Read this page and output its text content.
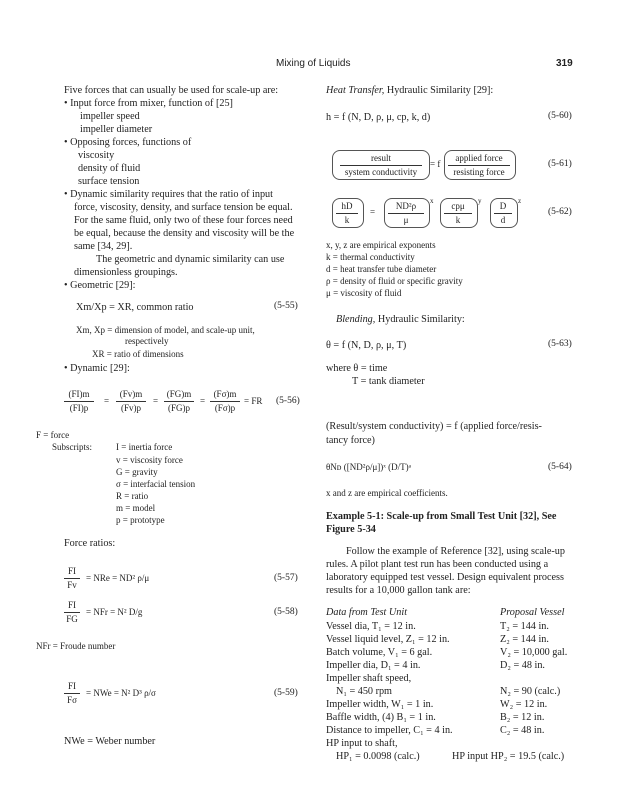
Mixing of Liquids	319
Five forces that can usually be used for scale-up are:
• Input force from mixer, function of [25]
impeller speed
impeller diameter
• Opposing forces, functions of
viscosity
density of fluid
surface tension
• Dynamic similarity requires that the ratio of input
force, viscosity, density, and surface tension be equal.
For the same fluid, only two of these four forces need
be equal, because the density and viscosity will be the
same [34, 29].
The geometric and dynamic similarity can use
dimensionless groupings.
• Geometric [29]:
Xm/Xp = XR, common ratio	(5-55)
Xm, Xp = dimension of model, and scale-up unit,
respectively
XR = ratio of dimensions
• Dynamic [29]:
$\frac{(FI)m}{(FI)p} = \frac{(Fv)m}{(Fv)p} = \frac{(FG)m}{(FG)p} = \frac{(F\sigma)m}{(F\sigma)p}$ = FR (5-56)
F = force
Subscripts:	I = inertia force
v = viscosity force
G = gravity
σ = interfacial tension
R = ratio
m = model
p = prototype
Force ratios:
$\frac{FI}{Fv}$ = NRe = ND² ρ/μ	(5-57)
$\frac{FI}{FG}$ = NFr = N² D/g	(5-58)
NFr = Froude number
$\frac{FI}{F\sigma}$ = NWe = N² D³ ρ/σ	(5-59)
NWe = Weber number
Heat Transfer, Hydraulic Similarity [29]:
h = f (N, D, ρ, μ, cp, k, d)	(5-60)
result
system conductivity
= f
applied force
resisting force
(5-61)
$\frac{hD}{k} = \frac{\text{ND²ρ}}{\mu}$ x	cpμ
k
y $\frac{D}{d}$ z
(5-62)
x, y, z are empirical exponents
k = thermal conductivity
d = heat transfer tube diameter
ρ = density of fluid or specific gravity
μ = viscosity of fluid
Blending, Hydraulic Similarity:
θ = f (N, D, ρ, μ, T)	(5-63)
where θ = time
T = tank diameter
(Result/system conductivity) = f (applied force/resis-
tancy force)
θNᴅ ([ND²ρ/μ])ˣ (D/T)ᵃ	(5-64)
x and z are empirical coefficients.
Example 5-1: Scale-up from Small Test Unit [32], See
Figure 5-34
Follow the example of Reference [32], using scale-up
rules. A pilot plant test run has been conducted using a
laboratory equipped test vessel. Design equivalent process
results for a 10,000 gallon tank are:
Data from Test Unit	Proposal Vessel
Vessel dia, T₁ = 12 in.	T₂ = 144 in.
Vessel liquid level, Z₁ = 12 in.	Z₂ = 144 in.
Batch volume, V₁ = 6 gal.	V₂ = 10,000 gal.
Impeller dia, D₁ = 4 in.	D₂ = 48 in.
Impeller shaft speed,
N₁ = 450 rpm	N₂ = 90 (calc.)
Impeller width, W₁ = 1 in.	W₂ = 12 in.
Baffle width, (4) B₁ = 1 in.	B₂ = 12 in.
Distance to impeller, C₁ = 4 in.	C₂ = 48 in.
HP input to shaft,
HP₁ = 0.0098 (calc.)	HP input HP₂ = 19.5 (calc.)
